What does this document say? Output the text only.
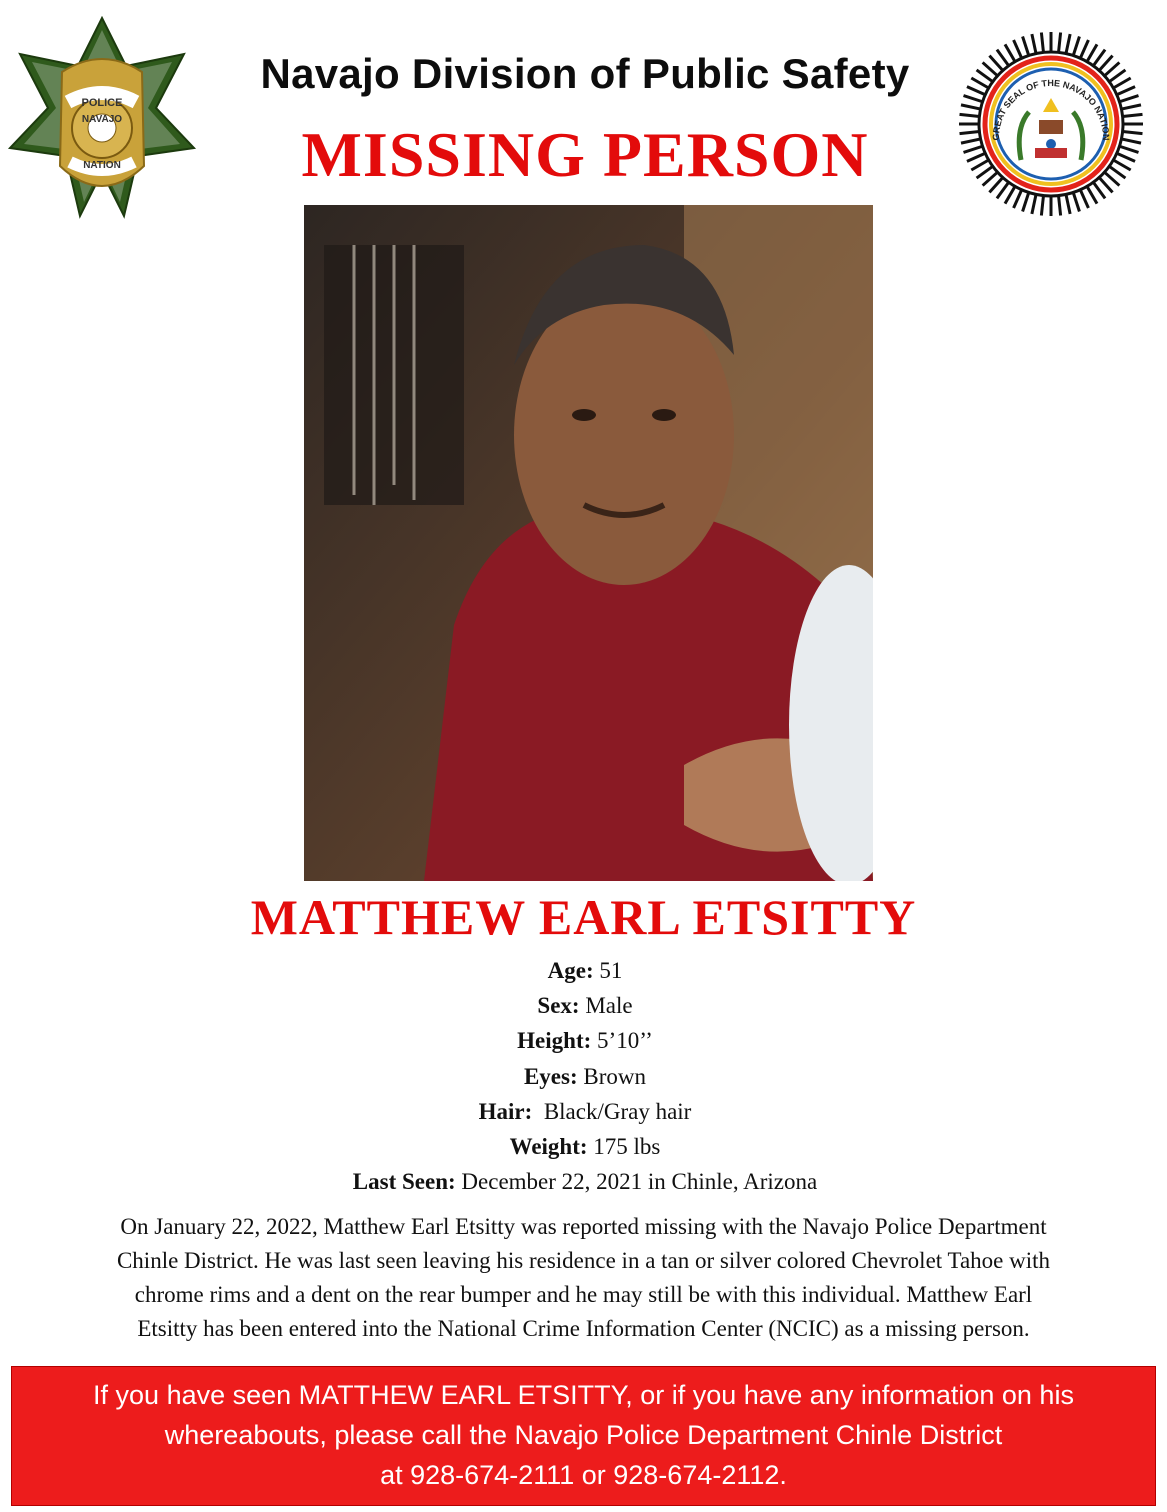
POLICE
NAVAJO
NATION
Navajo Division of Public Safety
MISSING PERSON	GREAT SEAL OF THE NAVAJO NATION
MATTHEW EARL ETSITTY
Age: 51
Sex: Male
Height: 5’10’’
Eyes: Brown
Hair:  Black/Gray hair
Weight: 175 lbs
Last Seen: December 22, 2021 in Chinle, Arizona
On January 22, 2022, Matthew Earl Etsitty was reported missing with the Navajo Police Department
Chinle District. He was last seen leaving his residence in a tan or silver colored Chevrolet Tahoe with
chrome rims and a dent on the rear bumper and he may still be with this individual. Matthew Earl
Etsitty has been entered into the National Crime Information Center (NCIC) as a missing person.
If you have seen MATTHEW EARL ETSITTY, or if you have any information on his
whereabouts, please call the Navajo Police Department Chinle District
at 928-674-2111 or 928-674-2112.
